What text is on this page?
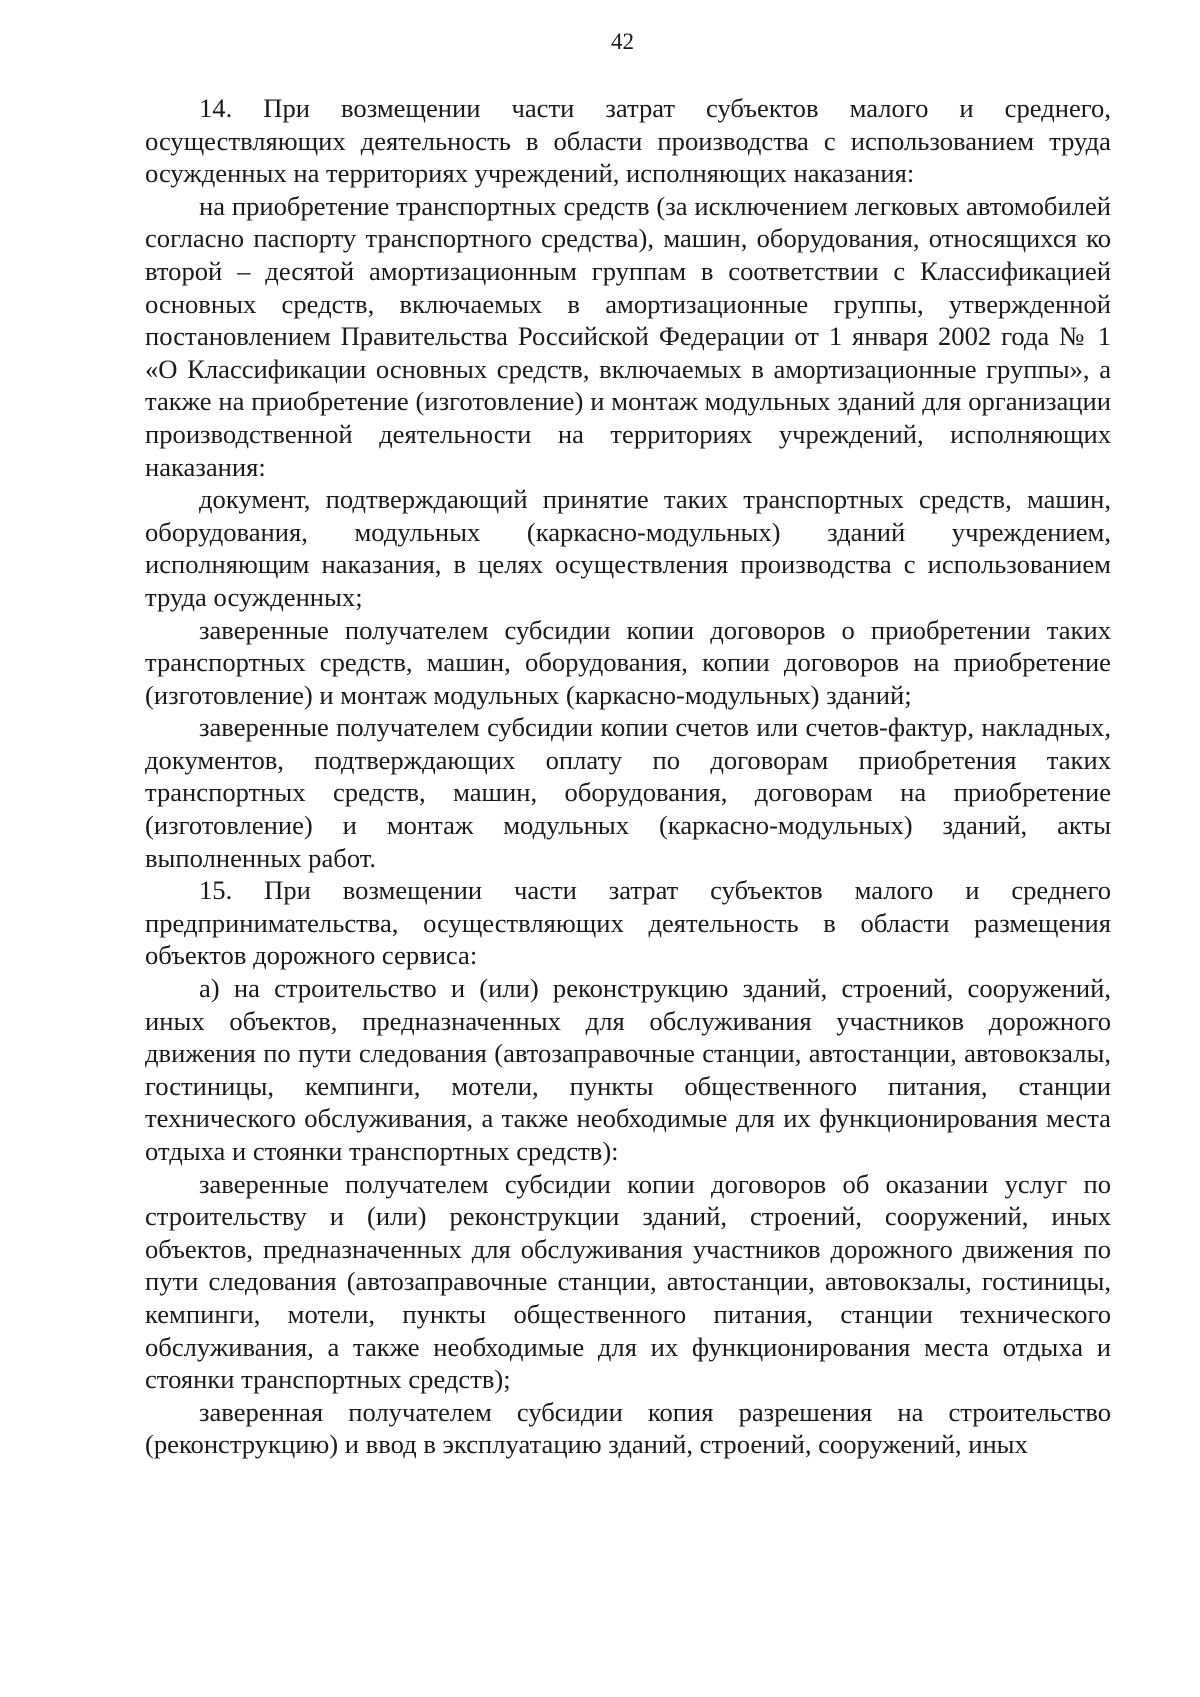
42

14. При возмещении части затрат субъектов малого и среднего, осуществляющих деятельность в области производства с использованием труда осужденных на территориях учреждений, исполняющих наказания:

на приобретение транспортных средств (за исключением легковых автомобилей согласно паспорту транспортного средства), машин, оборудования, относящихся ко второй – десятой амортизационным группам в соответствии с Классификацией основных средств, включаемых в амортизационные группы, утвержденной постановлением Правительства Российской Федерации от 1 января 2002 года № 1 «О Классификации основных средств, включаемых в амортизационные группы», а также на приобретение (изготовление) и монтаж модульных зданий для организации производственной деятельности на территориях учреждений, исполняющих наказания:

документ, подтверждающий принятие таких транспортных средств, машин, оборудования, модульных (каркасно-модульных) зданий учреждением, исполняющим наказания, в целях осуществления производства с использованием труда осужденных;

заверенные получателем субсидии копии договоров о приобретении таких транспортных средств, машин, оборудования, копии договоров на приобретение (изготовление) и монтаж модульных (каркасно-модульных) зданий;

заверенные получателем субсидии копии счетов или счетов-фактур, накладных, документов, подтверждающих оплату по договорам приобретения таких транспортных средств, машин, оборудования, договорам на приобретение (изготовление) и монтаж модульных (каркасно-модульных) зданий, акты выполненных работ.

15. При возмещении части затрат субъектов малого и среднего предпринимательства, осуществляющих деятельность в области размещения объектов дорожного сервиса:

а) на строительство и (или) реконструкцию зданий, строений, сооружений, иных объектов, предназначенных для обслуживания участников дорожного движения по пути следования (автозаправочные станции, автостанции, автовокзалы, гостиницы, кемпинги, мотели, пункты общественного питания, станции технического обслуживания, а также необходимые для их функционирования места отдыха и стоянки транспортных средств):

заверенные получателем субсидии копии договоров об оказании услуг по строительству и (или) реконструкции зданий, строений, сооружений, иных объектов, предназначенных для обслуживания участников дорожного движения по пути следования (автозаправочные станции, автостанции, автовокзалы, гостиницы, кемпинги, мотели, пункты общественного питания, станции технического обслуживания, а также необходимые для их функционирования места отдыха и стоянки транспортных средств);

заверенная получателем субсидии копия разрешения на строительство (реконструкцию) и ввод в эксплуатацию зданий, строений, сооружений, иных
